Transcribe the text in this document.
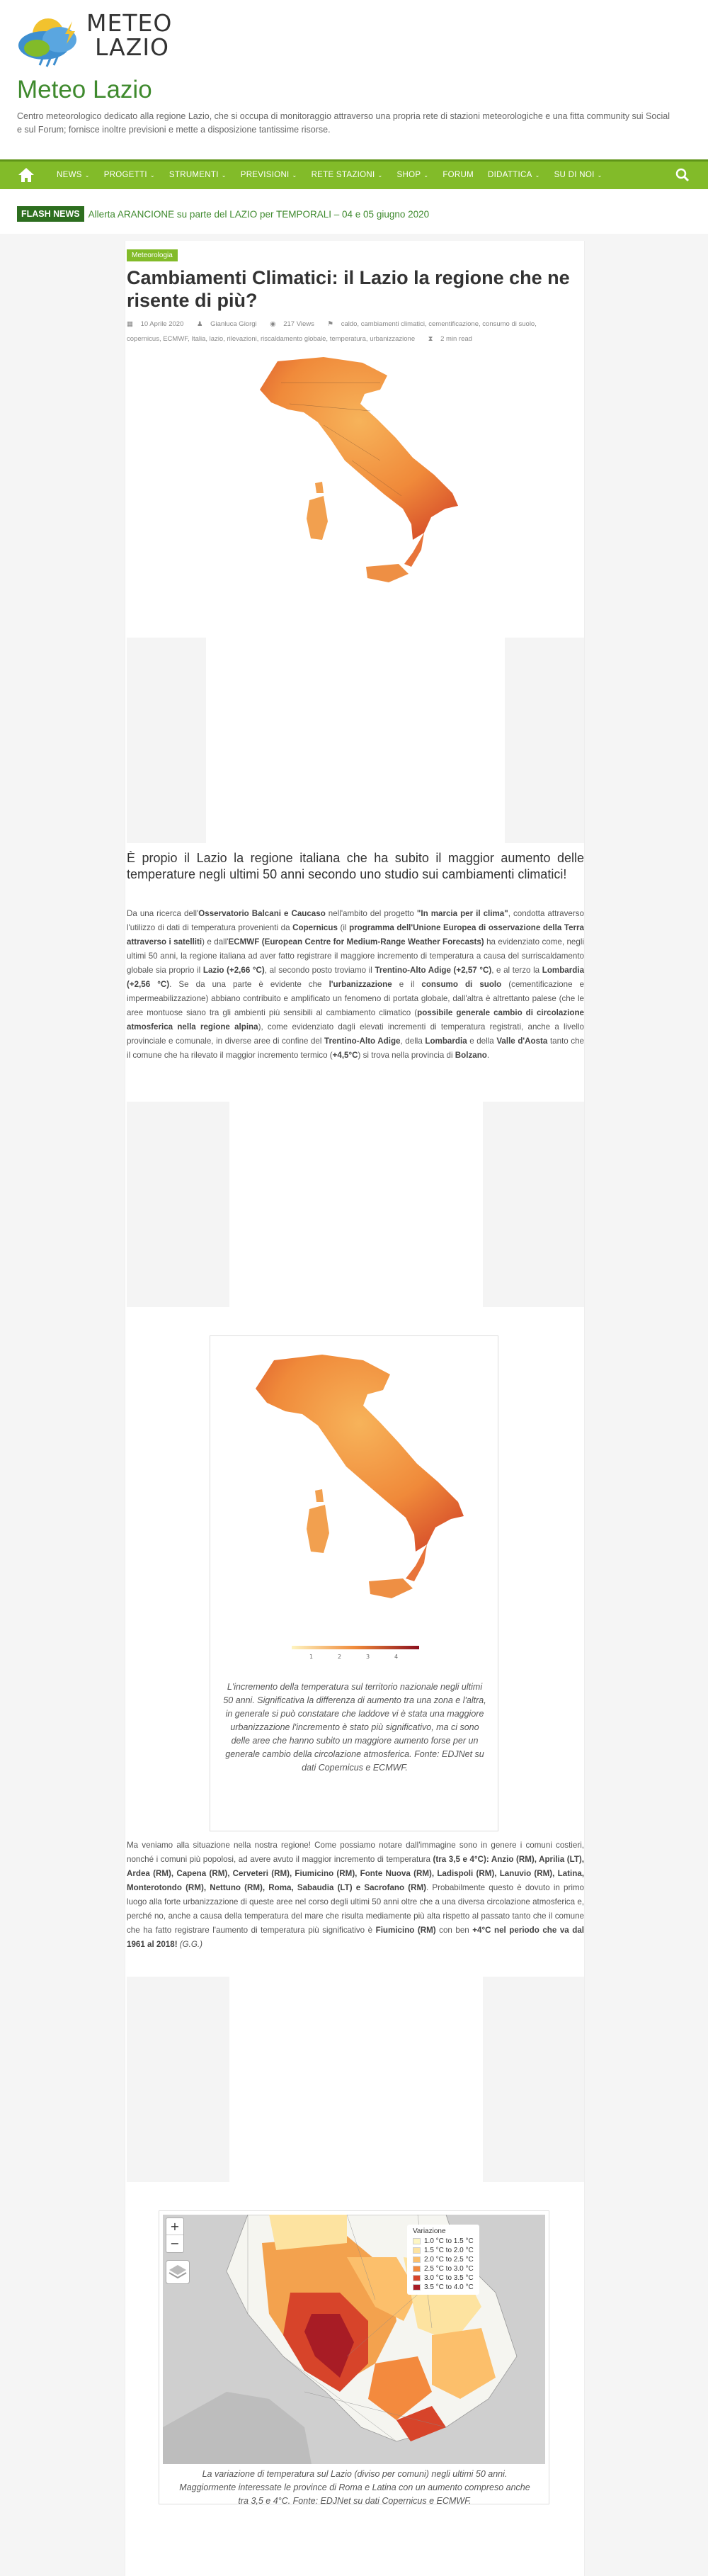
METEO
LAZIO
Meteo Lazio
Centro meteorologico dedicato alla regione Lazio, che si occupa di monitoraggio attraverso una propria rete di stazioni meteorologiche e una fitta community sui Social e sul Forum; fornisce inoltre previsioni e mette a disposizione tantissime risorse.
NEWS ⌄	PROGETTI ⌄	STRUMENTI ⌄	PREVISIONI ⌄	RETE STAZIONI ⌄	SHOP ⌄	FORUM	DIDATTICA ⌄	SU DI NOI ⌄
FLASH NEWS Allerta ARANCIONE su parte del LAZIO per TEMPORALI – 04 e 05 giugno 2020
Meteorologia
Cambiamenti Climatici: il Lazio la regione che ne risente di più?
▦ 10 Aprile 2020 ♟ Gianluca Giorgi ◉ 217 Views ⚑ caldo, cambiamenti climatici, cementificazione, consumo di suolo, copernicus, ECMWF, Italia, lazio, rilevazioni, riscaldamento globale, temperatura, urbanizzazione ⧗ 2 min read

È propio il Lazio la regione italiana che ha subito il maggior aumento delle temperature negli ultimi 50 anni secondo uno studio sui cambiamenti climatici!

Da una ricerca dell'Osservatorio Balcani e Caucaso nell'ambito del progetto "In marcia per il clima", condotta attraverso l'utilizzo di dati di temperatura provenienti da Copernicus (il programma dell'Unione Europea di osservazione della Terra attraverso i satelliti) e dall'ECMWF (European Centre for Medium-Range Weather Forecasts) ha evidenziato come, negli ultimi 50 anni, la regione italiana ad aver fatto registrare il maggiore incremento di temperatura a causa del surriscaldamento globale sia proprio il Lazio (+2,66 °C), al secondo posto troviamo il Trentino-Alto Adige (+2,57 °C), e al terzo la Lombardia (+2,56 °C). Se da una parte è evidente che l'urbanizzazione e il consumo di suolo (cementificazione e impermeabilizzazione) abbiano contribuito e amplificato un fenomeno di portata globale, dall'altra è altrettanto palese (che le aree montuose siano tra gli ambienti più sensibili al cambiamento climatico (possibile generale cambio di circolazione atmosferica nella regione alpina), come evidenziato dagli elevati incrementi di temperatura registrati, anche a livello provinciale e comunale, in diverse aree di confine del Trentino-Alto Adige, della Lombardia e della Valle d'Aosta tanto che il comune che ha rilevato il maggior incremento termico (+4,5°C) si trova nella provincia di Bolzano.

1	2	3	4

L'incremento della temperatura sul territorio nazionale negli ultimi 50 anni. Significativa la differenza di aumento tra una zona e l'altra, in generale si può constatare che laddove vi è stata una maggiore urbanizzazione l'incremento è stato più significativo, ma ci sono delle aree che hanno subito un maggiore aumento forse per un generale cambio della circolazione atmosferica. Fonte: EDJNet su dati Copernicus e ECMWF.

Ma veniamo alla situazione nella nostra regione! Come possiamo notare dall'immagine sono in genere i comuni costieri, nonché i comuni più popolosi, ad avere avuto il maggior incremento di temperatura (tra 3,5 e 4°C): Anzio (RM), Aprilia (LT), Ardea (RM), Capena (RM), Cerveteri (RM), Fiumicino (RM), Fonte Nuova (RM), Ladispoli (RM), Lanuvio (RM), Latina, Monterotondo (RM), Nettuno (RM), Roma, Sabaudia (LT) e Sacrofano (RM). Probabilmente questo è dovuto in primo luogo alla forte urbanizzazione di queste aree nel corso degli ultimi 50 anni oltre che a una diversa circolazione atmosferica e, perché no, anche a causa della temperatura del mare che risulta mediamente più alta rispetto al passato tanto che il comune che ha fatto registrare l'aumento di temperatura più significativo è Fiumicino (RM) con ben +4°C nel periodo che va dal 1961 al 2018! (G.G.)

+
−
Variazione
1.0 °C to 1.5 °C
1.5 °C to 2.0 °C
2.0 °C to 2.5 °C
2.5 °C to 3.0 °C
3.0 °C to 3.5 °C
3.5 °C to 4.0 °C

La variazione di temperatura sul Lazio (diviso per comuni) negli ultimi 50 anni. Maggiormente interessate le province di Roma e Latina con un aumento compreso anche tra 3,5 e 4°C. Fonte: EDJNet su dati Copernicus e ECMWF.
